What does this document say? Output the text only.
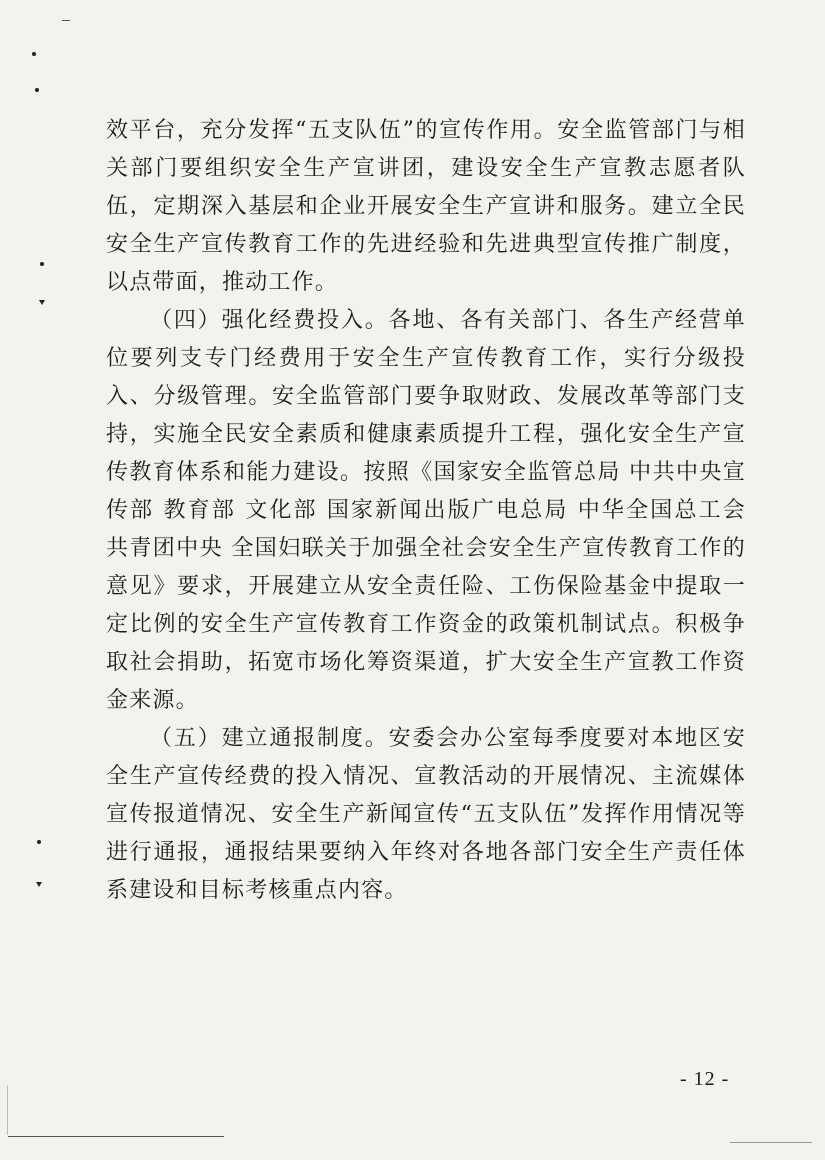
效平台，充分发挥“五支队伍”的宣传作用。安全监管部门与相关部门要组织安全生产宣讲团，建设安全生产宣教志愿者队伍，定期深入基层和企业开展安全生产宣讲和服务。建立全民安全生产宣传教育工作的先进经验和先进典型宣传推广制度，以点带面，推动工作。

（四）强化经费投入。各地、各有关部门、各生产经营单位要列支专门经费用于安全生产宣传教育工作，实行分级投入、分级管理。安全监管部门要争取财政、发展改革等部门支持，实施全民安全素质和健康素质提升工程，强化安全生产宣传教育体系和能力建设。按照《国家安全监管总局 中共中央宣传部 教育部 文化部 国家新闻出版广电总局 中华全国总工会 共青团中央 全国妇联关于加强全社会安全生产宣传教育工作的意见》要求，开展建立从安全责任险、工伤保险基金中提取一定比例的安全生产宣传教育工作资金的政策机制试点。积极争取社会捐助，拓宽市场化筹资渠道，扩大安全生产宣教工作资金来源。

（五）建立通报制度。安委会办公室每季度要对本地区安全生产宣传经费的投入情况、宣教活动的开展情况、主流媒体宣传报道情况、安全生产新闻宣传“五支队伍”发挥作用情况等进行通报，通报结果要纳入年终对各地各部门安全生产责任体系建设和目标考核重点内容。

- 12 -
